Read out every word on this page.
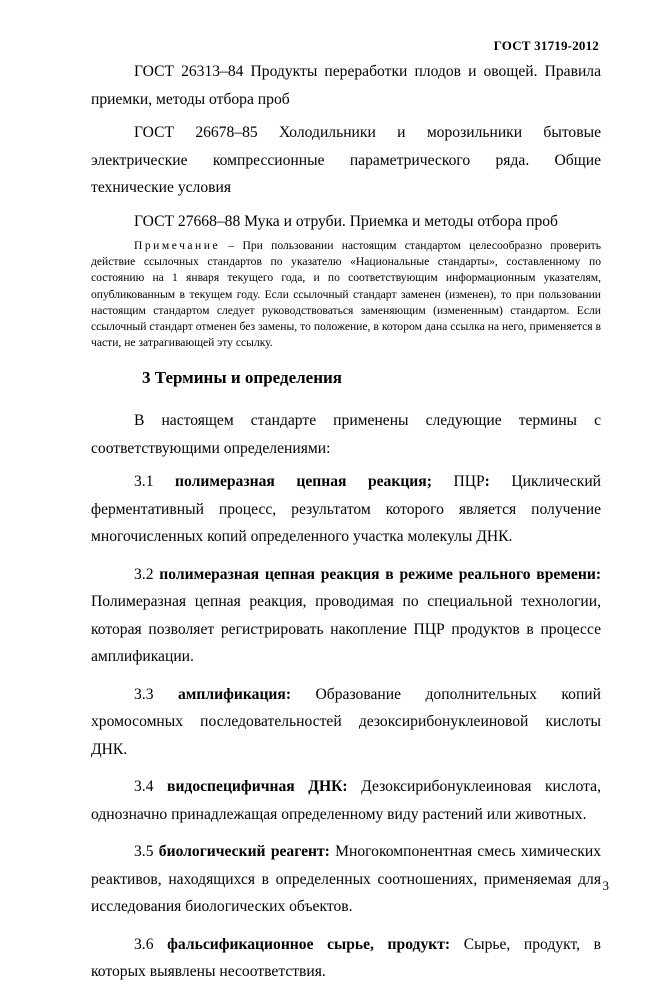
ГОСТ 31719-2012

ГОСТ 26313–84 Продукты переработки плодов и овощей. Правила приемки, методы отбора проб

ГОСТ 26678–85 Холодильники и морозильники бытовые электрические компрессионные параметрического ряда. Общие технические условия

ГОСТ 27668–88 Мука и отруби. Приемка и методы отбора проб

Примечание – При пользовании настоящим стандартом целесообразно проверить действие ссылочных стандартов по указателю «Национальные стандарты», составленному по состоянию на 1 января текущего года, и по соответствующим информационным указателям, опубликованным в текущем году. Если ссылочный стандарт заменен (изменен), то при пользовании настоящим стандартом следует руководствоваться заменяющим (измененным) стандартом. Если ссылочный стандарт отменен без замены, то положение, в котором дана ссылка на него, применяется в части, не затрагивающей эту ссылку.
3 Термины и определения

В настоящем стандарте применены следующие термины с соответствующими определениями:

3.1 полимеразная цепная реакция; ПЦР: Циклический ферментативный процесс, результатом которого является получение многочисленных копий определенного участка молекулы ДНК.

3.2 полимеразная цепная реакция в режиме реального времени: Полимеразная цепная реакция, проводимая по специальной технологии, которая позволяет регистрировать накопление ПЦР продуктов в процессе амплификации.

3.3 амплификация: Образование дополнительных копий хромосомных последовательностей дезоксирибонуклеиновой кислоты ДНК.

3.4 видоспецифичная ДНК: Дезоксирибонуклеиновая кислота, однозначно принадлежащая определенному виду растений или животных.

3.5 биологический реагент: Многокомпонентная смесь химических реактивов, находящихся в определенных соотношениях, применяемая для исследования биологических объектов.

3.6 фальсификационное сырье, продукт: Сырье, продукт, в которых выявлены несоответствия.

3
